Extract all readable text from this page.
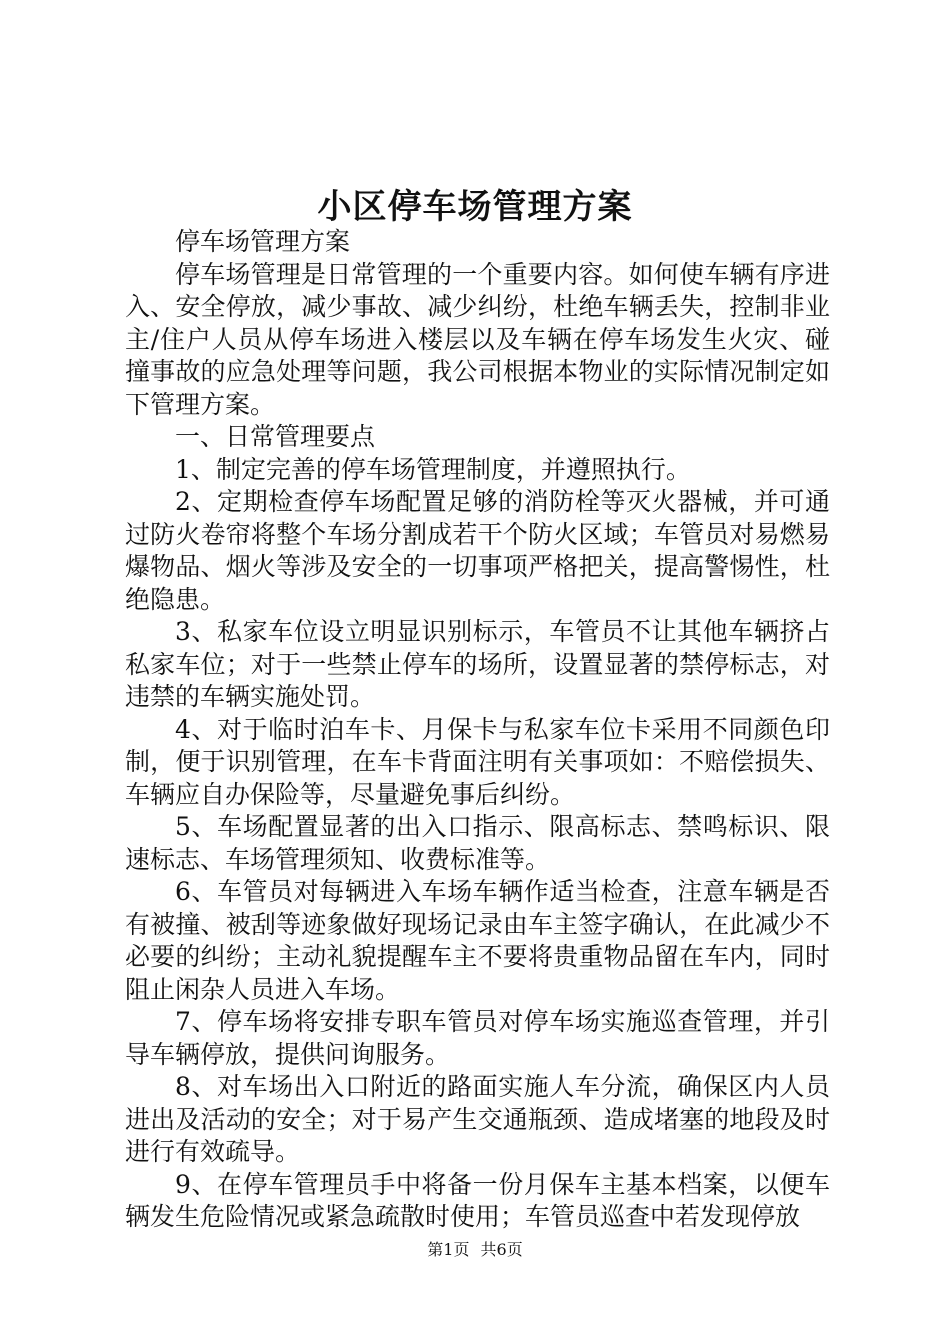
小区停车场管理方案

停车场管理方案

停车场管理是日常管理的一个重要内容。如何使车辆有序进入、安全停放，减少事故、减少纠纷，杜绝车辆丢失，控制非业主/住户人员从停车场进入楼层以及车辆在停车场发生火灾、碰撞事故的应急处理等问题，我公司根据本物业的实际情况制定如下管理方案。

一、日常管理要点

1、制定完善的停车场管理制度，并遵照执行。

2、定期检查停车场配置足够的消防栓等灭火器械，并可通过防火卷帘将整个车场分割成若干个防火区域；车管员对易燃易爆物品、烟火等涉及安全的一切事项严格把关，提高警惕性，杜绝隐患。

3、私家车位设立明显识别标示，车管员不让其他车辆挤占私家车位；对于一些禁止停车的场所，设置显著的禁停标志，对违禁的车辆实施处罚。

4、对于临时泊车卡、月保卡与私家车位卡采用不同颜色印制，便于识别管理，在车卡背面注明有关事项如：不赔偿损失、车辆应自办保险等，尽量避免事后纠纷。

5、车场配置显著的出入口指示、限高标志、禁鸣标识、限速标志、车场管理须知、收费标准等。

6、车管员对每辆进入车场车辆作适当检查，注意车辆是否有被撞、被刮等迹象做好现场记录由车主签字确认，在此减少不必要的纠纷；主动礼貌提醒车主不要将贵重物品留在车内，同时阻止闲杂人员进入车场。

7、停车场将安排专职车管员对停车场实施巡查管理，并引导车辆停放，提供问询服务。

8、对车场出入口附近的路面实施人车分流，确保区内人员进出及活动的安全；对于易产生交通瓶颈、造成堵塞的地段及时进行有效疏导。

9、在停车管理员手中将备一份月保车主基本档案，以便车辆发生危险情况或紧急疏散时使用；车管员巡查中若发现停放

第1页 共6页
